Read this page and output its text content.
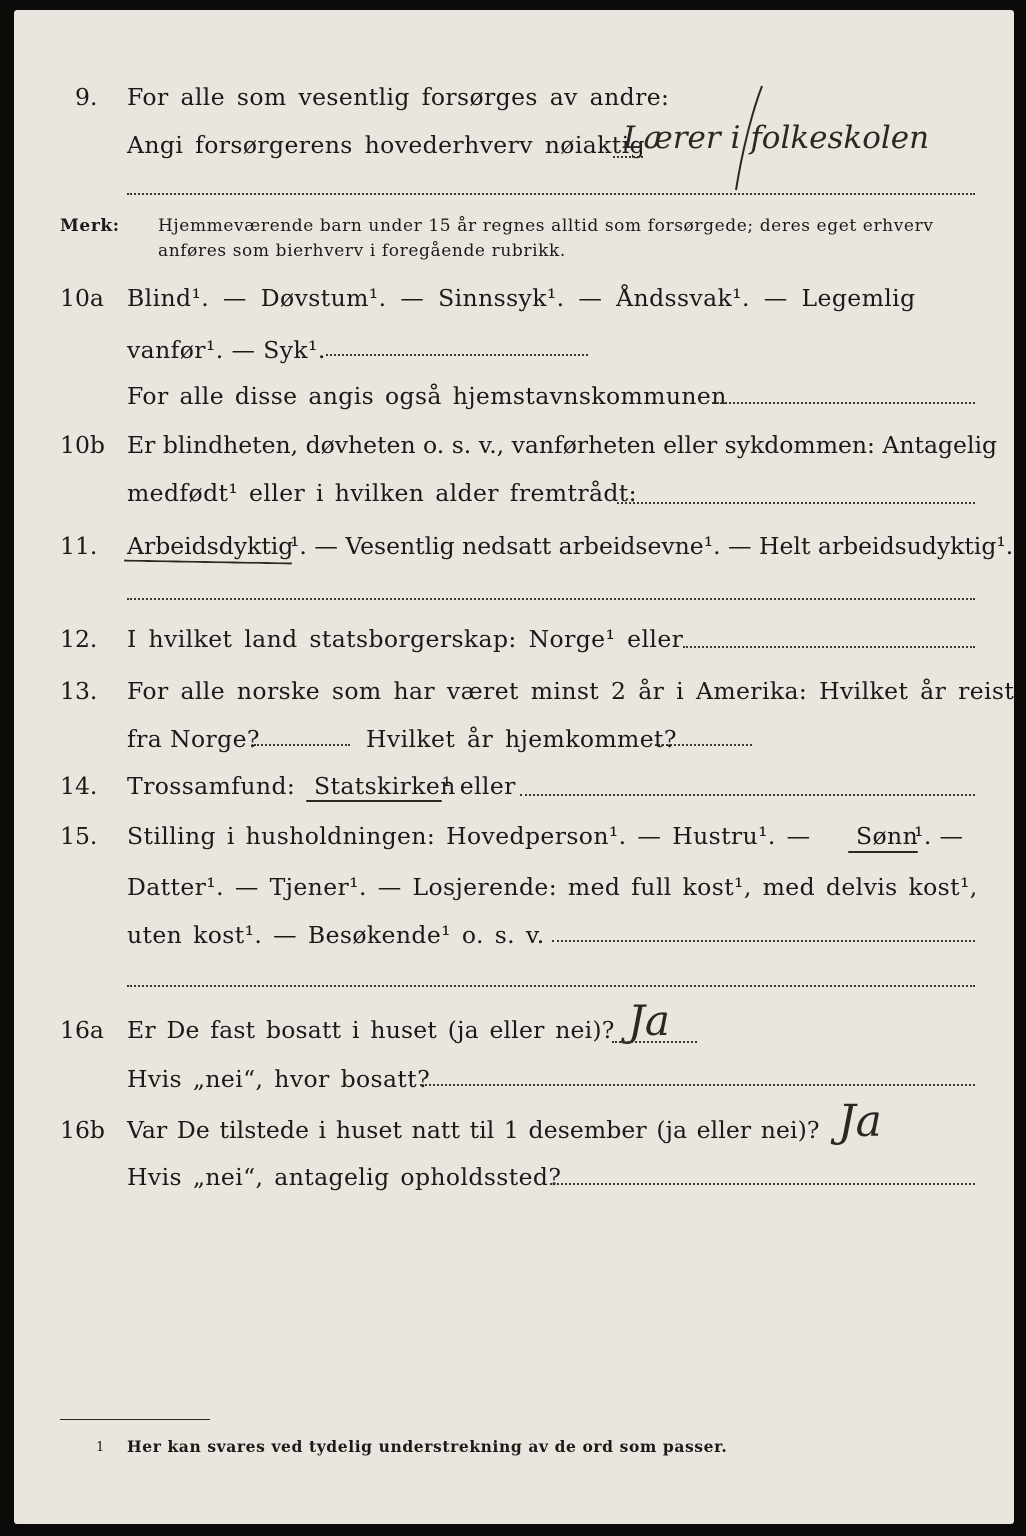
9. For alle som vesentlig forsørges av andre:
Angi forsørgerens hovederhverv nøiaktig
Lærer i folkeskolen
Merk: Hjemmeværende barn under 15 år regnes alltid som forsørgede; deres eget erhverv
anføres som bierhverv i foregående rubrikk.
10a Blind¹. — Døvstum¹. — Sinnssyk¹. — Åndssvak¹. — Legemlig
vanfør¹. — Syk¹.
For alle disse angis også hjemstavnskommunen
10b Er blindheten, døvheten o. s. v., vanførheten eller sykdommen: Antagelig
medfødt¹ eller i hvilken alder fremtrådt:
11. Arbeidsdyktig
¹. — Vesentlig nedsatt arbeidsevne¹. — Helt arbeidsudyktig¹.
12. I hvilket land statsborgerskap: Norge¹ eller
13. For alle norske som har været minst 2 år i Amerika: Hvilket år reist
fra Norge?	Hvilket år hjemkommet?
14. Trossamfund: Statskirken
¹ eller
15. Stilling i husholdningen: Hovedperson¹. — Hustru¹. — Sønn
¹. —
Datter¹. — Tjener¹. — Losjerende: med full kost¹, med delvis kost¹,
uten kost¹. — Besøkende¹ o. s. v.
16a Er De fast bosatt i huset (ja eller nei)? Ja
Hvis „nei“, hvor bosatt?
16b Var De tilstede i huset natt til 1 desember (ja eller nei)? Ja
Hvis „nei“, antagelig opholdssted?
1 Her kan svares ved tydelig understrekning av de ord som passer.
